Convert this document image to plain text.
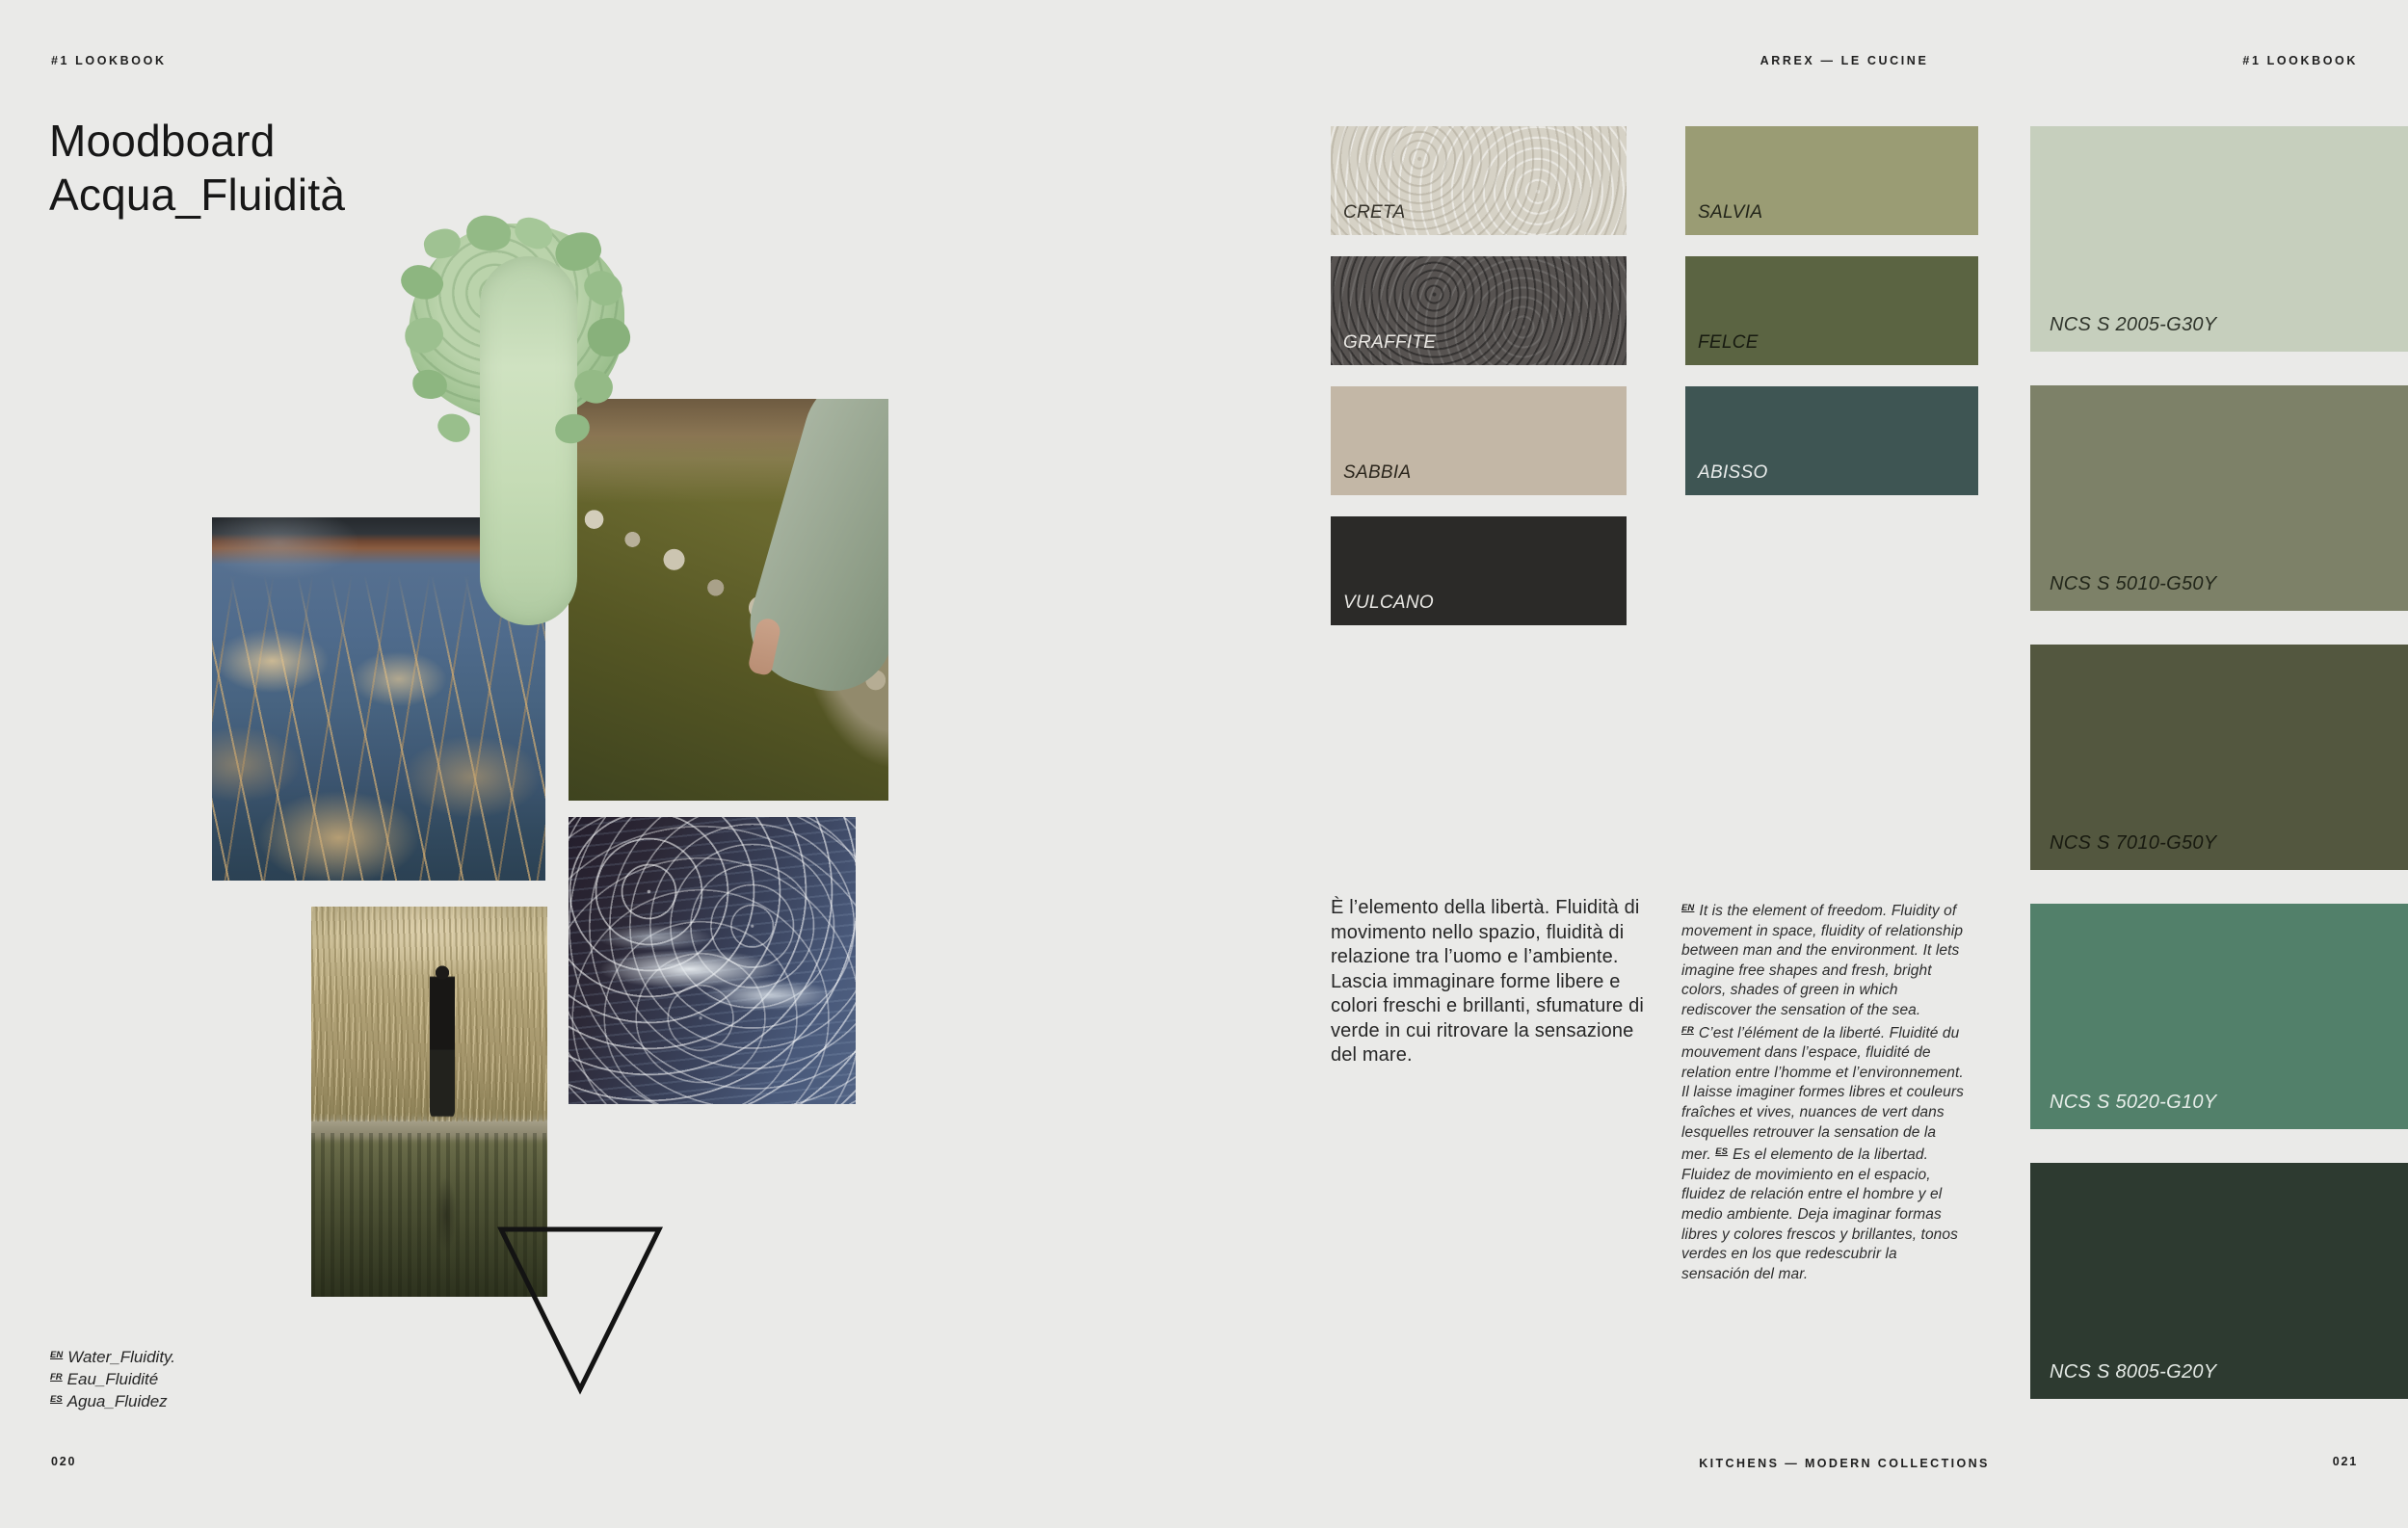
#1 LOOKBOOK	ARREX — LE CUCINE	#1 LOOKBOOK
Moodboard
Acqua_Fluidità
$^{EN}$ Water_Fluidity.
$^{FR}$ Eau_Fluidité
$^{ES}$ Agua_Fluidez
CRETA	SALVIA
GRAFFITE	FELCE
SABBIA	ABISSO
VULCANO
NCS S 2005-G30Y
NCS S 5010-G50Y
NCS S 7010-G50Y
NCS S 5020-G10Y
NCS S 8005-G20Y
È l’elemento della libertà. Fluidità di movimento nello spazio, fluidità di relazione tra l’uomo e l’ambiente. Lascia immaginare forme libere e colori freschi e brillanti, sfumature di verde in cui ritrovare la sensazione del mare.
$^{EN}$ It is the element of freedom. Fluidity of movement in space, fluidity of relationship between man and the environment. It lets imagine free shapes and fresh, bright colors, shades of green in which rediscover the sensation of the sea. $^{FR}$ C’est l’élément de la liberté. Fluidité du mouvement dans l’espace, fluidité de relation entre l’homme et l’environnement. Il laisse imaginer formes libres et couleurs fraîches et vives, nuances de vert dans lesquelles retrouver la sensation de la mer. $^{ES}$ Es el elemento de la libertad. Fluidez de movimiento en el espacio, fluidez de relación entre el hombre y el medio ambiente. Deja imaginar formas libres y colores frescos y brillantes, tonos verdes en los que redescubrir la sensación del mar.
020	KITCHENS — MODERN COLLECTIONS	021
